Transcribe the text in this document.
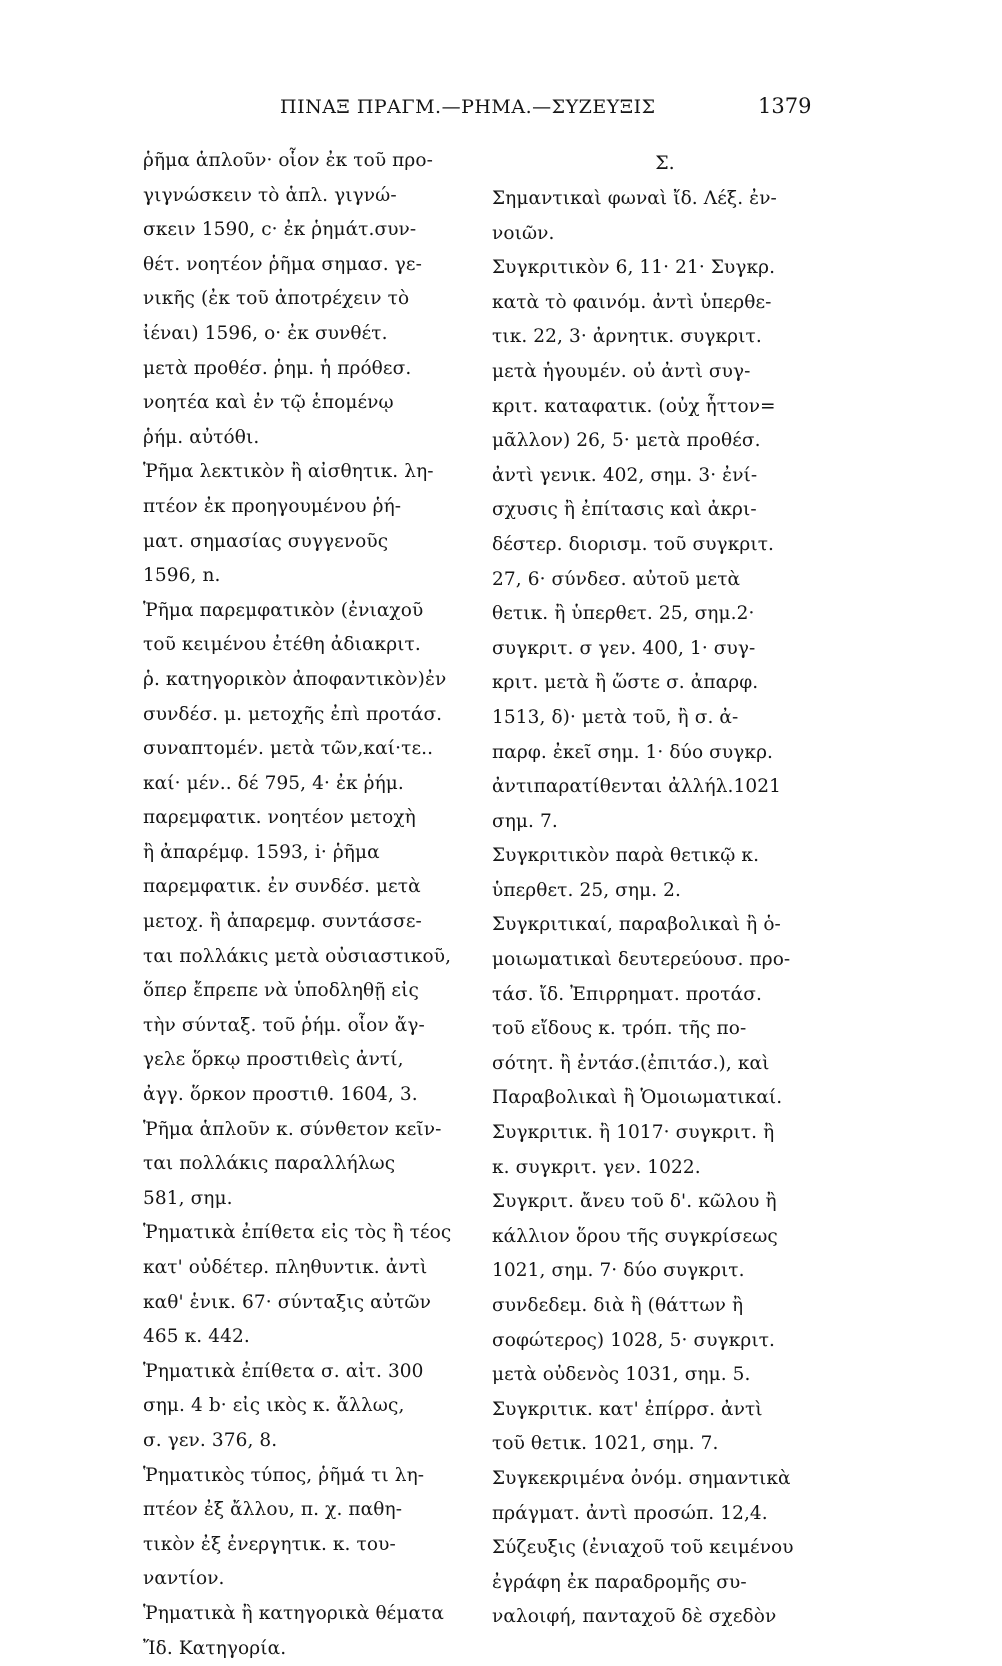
ΠΙΝΑΞ ΠΡΑΓΜ.—ΡΗΜΑ.—ΣΥΖΕΥΞΙΣ	1379
ῥῆμα ἁπλοῦν· οἷον ἐκ τοῦ προ-
γιγνώσκειν τὸ ἁπλ. γιγνώ-
σκειν 1590, c· ἐκ ῥημάτ.συν-
θέτ. νοητέον ῥῆμα σημασ. γε-
νικῆς (ἐκ τοῦ ἀποτρέχειν τὸ
ἰέναι) 1596, o· ἐκ συνθέτ.
μετὰ προθέσ. ῥημ. ἡ πρόθεσ.
νοητέα καὶ ἐν τῷ ἑπομένῳ
ῥήμ. αὐτόθι.
Ῥῆμα λεκτικὸν ἢ αἰσθητικ. λη-
πτέον ἐκ προηγουμένου ῥή-
ματ. σημασίας συγγενοῦς
1596, n.
Ῥῆμα παρεμφατικὸν (ἐνιαχοῦ
τοῦ κειμένου ἐτέθη ἀδιακριτ.
ῥ. κατηγορικὸν ἀποφαντικὸν)ἐν
συνδέσ. μ. μετοχῆς ἐπὶ προτάσ.
συναπτομέν. μετὰ τῶν,καί·τε..
καί· μέν.. δέ 795, 4· ἐκ ῥήμ.
παρεμφατικ. νοητέον μετοχὴ
ἢ ἀπαρέμφ. 1593, i· ῥῆμα
παρεμφατικ. ἐν συνδέσ. μετὰ
μετοχ. ἢ ἀπαρεμφ. συντάσσε-
ται πολλάκις μετὰ οὐσιαστικοῦ,
ὅπερ ἔπρεπε νὰ ὑποδληθῇ εἰς
τὴν σύνταξ. τοῦ ῥήμ. οἷον ἄγ-
γελε ὅρκῳ προστιθεὶς ἀντί,
ἀγγ. ὅρκον προστιθ. 1604, 3.
Ῥῆμα ἁπλοῦν κ. σύνθετον κεῖν-
ται πολλάκις παραλλήλως
581, σημ.
Ῥηματικὰ ἐπίθετα εἰς τὸς ἢ τέος
κατ' οὐδέτερ. πληθυντικ. ἀντὶ
καθ' ἑνικ. 67· σύνταξις αὐτῶν
465 κ. 442.
Ῥηματικὰ ἐπίθετα σ. αἰτ. 300
σημ. 4 b· εἰς ικὸς κ. ἄλλως,
σ. γεν. 376, 8.
Ῥηματικὸς τύπος, ῥῆμά τι λη-
πτέον ἐξ ἄλλου, π. χ. παθη-
τικὸν ἐξ ἐνεργητικ. κ. του-
ναντίον.
Ῥηματικὰ ἢ κατηγορικὰ θέματα
Ἴδ. Κατηγορία.
Σ.
Σημαντικαὶ φωναὶ ἴδ. Λέξ. ἐν-
νοιῶν.
Συγκριτικὸν 6, 11· 21· Συγκρ.
κατὰ τὸ φαινόμ. ἀντὶ ὑπερθε-
τικ. 22, 3· ἀρνητικ. συγκριτ.
μετὰ ἡγουμέν. οὐ ἀντὶ συγ-
κριτ. καταφατικ. (οὐχ ἧττον=
μᾶλλον) 26, 5· μετὰ προθέσ.
ἀντὶ γενικ. 402, σημ. 3· ἐνί-
σχυσις ἢ ἐπίτασις καὶ ἀκρι-
δέστερ. διορισμ. τοῦ συγκριτ.
27, 6· σύνδεσ. αὐτοῦ μετὰ
θετικ. ἢ ὑπερθετ. 25, σημ.2·
συγκριτ. σ γεν. 400, 1· συγ-
κριτ. μετὰ ἢ ὥστε σ. ἀπαρφ.
1513, δ)· μετὰ τοῦ, ἢ σ. ἀ-
παρφ. ἐκεῖ σημ. 1· δύο συγκρ.
ἀντιπαρατίθενται ἀλλήλ.1021
σημ. 7.
Συγκριτικὸν παρὰ θετικῷ κ.
ὑπερθετ. 25, σημ. 2.
Συγκριτικαί, παραβολικαὶ ἢ ὁ-
μοιωματικαὶ δευτερεύουσ. προ-
τάσ. ἴδ. Ἐπιρρηματ. προτάσ.
τοῦ εἴδους κ. τρόπ. τῆς πο-
σότητ. ἢ ἐντάσ.(ἐπιτάσ.), καὶ
Παραβολικαὶ ἢ Ὁμοιωματικαί.
Συγκριτικ. ἢ 1017· συγκριτ. ἢ
κ. συγκριτ. γεν. 1022.
Συγκριτ. ἄνευ τοῦ δ'. κῶλου ἢ
κάλλιον ὅρου τῆς συγκρίσεως
1021, σημ. 7· δύο συγκριτ.
συνδεδεμ. διὰ ἢ (θάττων ἢ
σοφώτερος) 1028, 5· συγκριτ.
μετὰ οὐδενὸς 1031, σημ. 5.
Συγκριτικ. κατ' ἐπίρρσ. ἀντὶ
τοῦ θετικ. 1021, σημ. 7.
Συγκεκριμένα ὀνόμ. σημαντικὰ
πράγματ. ἀντὶ προσώπ. 12,4.
Σύζευξις (ἐνιαχοῦ τοῦ κειμένου
ἐγράφη ἐκ παραδρομῆς συ-
ναλοιφή, πανταχοῦ δὲ σχεδὸν
